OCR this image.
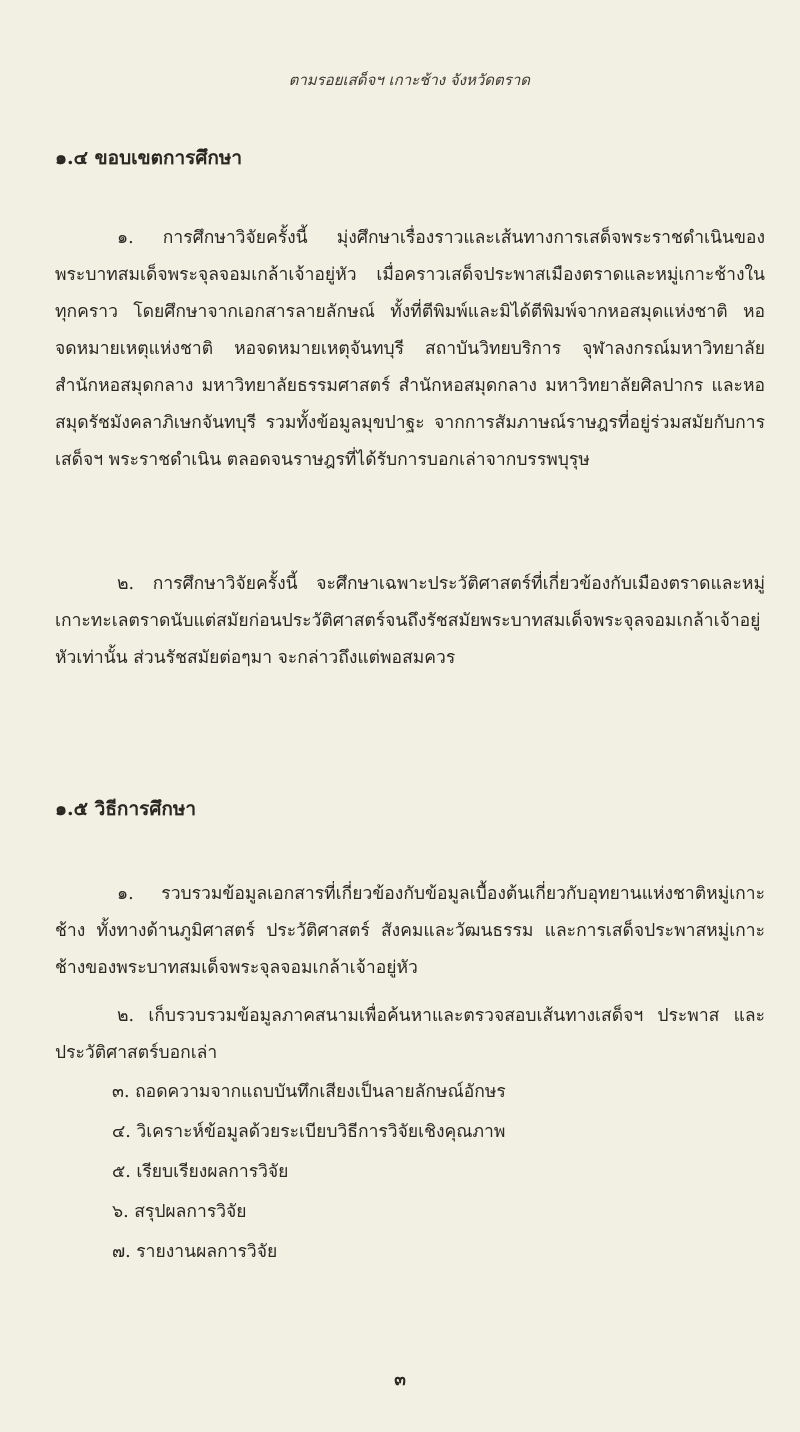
ตามรอยเสด็จฯ เกาะช้าง จังหวัดตราด
๑.๔ ขอบเขตการศึกษา
๑. การศึกษาวิจัยครั้งนี้ มุ่งศึกษาเรื่องราวและเส้นทางการเสด็จพระราชดำเนินของพระบาทสมเด็จพระจุลจอมเกล้าเจ้าอยู่หัว เมื่อคราวเสด็จประพาสเมืองตราดและหมู่เกาะช้างในทุกคราว โดยศึกษาจากเอกสารลายลักษณ์ ทั้งที่ตีพิมพ์และมิได้ตีพิมพ์จากหอสมุดแห่งชาติ หอจดหมายเหตุแห่งชาติ หอจดหมายเหตุจันทบุรี สถาบันวิทยบริการ จุฬาลงกรณ์มหาวิทยาลัย สำนักหอสมุดกลาง มหาวิทยาลัยธรรมศาสตร์ สำนักหอสมุดกลาง มหาวิทยาลัยศิลปากร และหอสมุดรัชมังคลาภิเษกจันทบุรี รวมทั้งข้อมูลมุขปาฐะ จากการสัมภาษณ์ราษฎรที่อยู่ร่วมสมัยกับการเสด็จฯ พระราชดำเนิน ตลอดจนราษฎรที่ได้รับการบอกเล่าจากบรรพบุรุษ
๒. การศึกษาวิจัยครั้งนี้ จะศึกษาเฉพาะประวัติศาสตร์ที่เกี่ยวข้องกับเมืองตราดและหมู่เกาะทะเลตราดนับแต่สมัยก่อนประวัติศาสตร์จนถึงรัชสมัยพระบาทสมเด็จพระจุลจอมเกล้าเจ้าอยู่หัวเท่านั้น ส่วนรัชสมัยต่อๆมา จะกล่าวถึงแต่พอสมควร
๑.๕ วิธีการศึกษา
๑. รวบรวมข้อมูลเอกสารที่เกี่ยวข้องกับข้อมูลเบื้องต้นเกี่ยวกับอุทยานแห่งชาติหมู่เกาะช้าง ทั้งทางด้านภูมิศาสตร์ ประวัติศาสตร์ สังคมและวัฒนธรรม และการเสด็จประพาสหมู่เกาะช้างของพระบาทสมเด็จพระจุลจอมเกล้าเจ้าอยู่หัว
๒. เก็บรวบรวมข้อมูลภาคสนามเพื่อค้นหาและตรวจสอบเส้นทางเสด็จฯ ประพาส และประวัติศาสตร์บอกเล่า
๓. ถอดความจากแถบบันทึกเสียงเป็นลายลักษณ์อักษร
๔. วิเคราะห์ข้อมูลด้วยระเบียบวิธีการวิจัยเชิงคุณภาพ
๕. เรียบเรียงผลการวิจัย
๖. สรุปผลการวิจัย
๗. รายงานผลการวิจัย
๓
